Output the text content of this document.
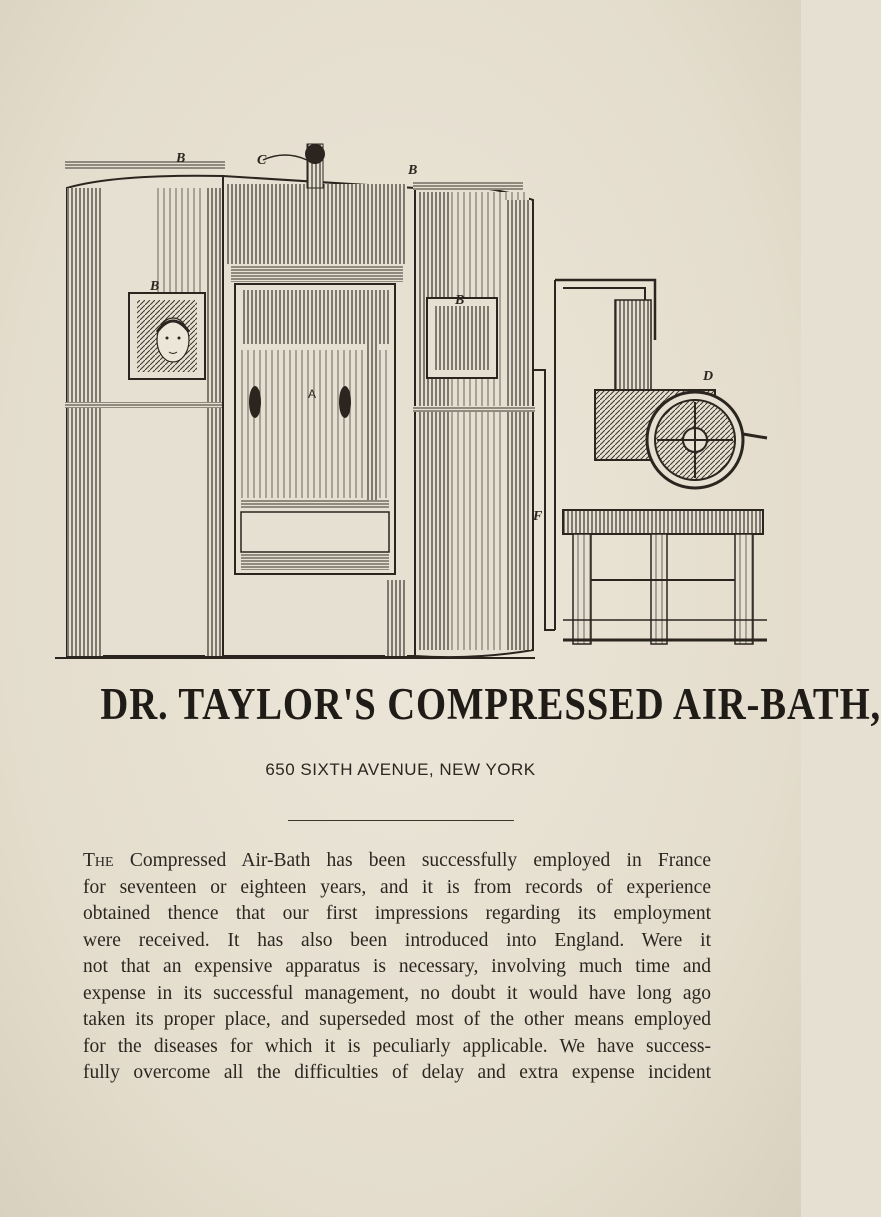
B	C
B
B
B
A
D
F
DR. TAYLOR'S COMPRESSED AIR-BATH,
650 SIXTH AVENUE, NEW YORK
The Compressed Air-Bath has been successfully employed in France
for seventeen or eighteen years, and it is from records of experience
obtained thence that our first impressions regarding its employment
were received. It has also been introduced into England. Were it
not that an expensive apparatus is necessary, involving much time and
expense in its successful management, no doubt it would have long ago
taken its proper place, and superseded most of the other means employed
for the diseases for which it is peculiarly applicable. We have success-
fully overcome all the difficulties of delay and extra expense incident
